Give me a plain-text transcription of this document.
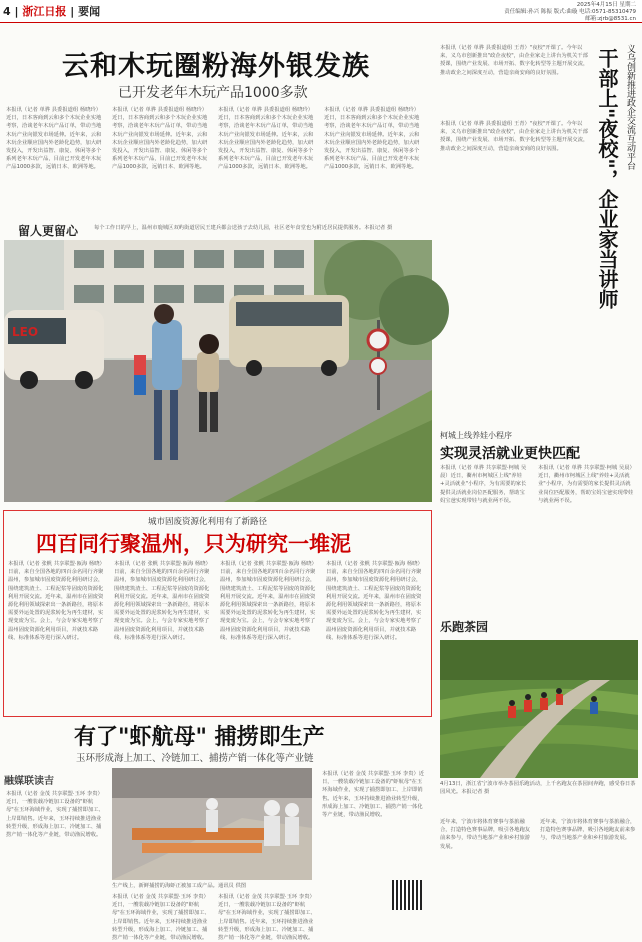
4 | 浙江日报 | 要闻	2025年4月15日 星期二
责任编辑:孙兴 陈振 版式:曲璇 电话:0571-85310479
邮箱:zjrb@8531.cn
云和木玩圈粉海外银发族
已开发老年木玩产品1000多款
本报讯（记者 单骅 县委报道组 杨晓玲）近日，日本客商到云和多个木玩企业实地考察，洽谈老年木玩产品订单，带动当地木玩产业向银发市场延伸。近年来，云和木玩企业顺应国内外老龄化趋势，加大研发投入，开发出益智、康复、休闲等多个系列老年木玩产品，目前已开发老年木玩产品1000多款，远销日本、欧洲等地。
本报讯（记者 单骅 县委报道组 杨晓玲）近日，日本客商到云和多个木玩企业实地考察，洽谈老年木玩产品订单，带动当地木玩产业向银发市场延伸。近年来，云和木玩企业顺应国内外老龄化趋势，加大研发投入，开发出益智、康复、休闲等多个系列老年木玩产品，目前已开发老年木玩产品1000多款，远销日本、欧洲等地。
本报讯（记者 单骅 县委报道组 杨晓玲）近日，日本客商到云和多个木玩企业实地考察，洽谈老年木玩产品订单，带动当地木玩产业向银发市场延伸。近年来，云和木玩企业顺应国内外老龄化趋势，加大研发投入，开发出益智、康复、休闲等多个系列老年木玩产品，目前已开发老年木玩产品1000多款，远销日本、欧洲等地。
本报讯（记者 单骅 县委报道组 杨晓玲）近日，日本客商到云和多个木玩企业实地考察，洽谈老年木玩产品订单，带动当地木玩产业向银发市场延伸。近年来，云和木玩企业顺应国内外老龄化趋势，加大研发投入，开发出益智、康复、休闲等多个系列老年木玩产品，目前已开发老年木玩产品1000多款，远销日本、欧洲等地。
每个工作日的早上，温州市鹿城区双屿街道居民王建兵都会送孩子去幼儿园，社区老年食堂也为附近居民提供服务。本报记者 摄
留人更留心
LEO
城市固废资源化利用有了新路径
四百同行聚温州，只为研究一堆泥
本报讯（记者 张帆 共享联盟·瓯海 杨晓）日前，来自全国各地的四百余名同行齐聚温州，参加城市固废资源化利用研讨会，围绕建筑渣土、工程泥浆等固废的资源化利用开展交流。近年来，温州市在固废资源化利用领域探索出一条新路径，将原本需要外运处置的泥浆转化为再生建材，实现变废为宝。会上，与会专家实地考察了温州固废资源化利用项目，并就技术路线、标准体系等进行深入研讨。
本报讯（记者 张帆 共享联盟·瓯海 杨晓）日前，来自全国各地的四百余名同行齐聚温州，参加城市固废资源化利用研讨会，围绕建筑渣土、工程泥浆等固废的资源化利用开展交流。近年来，温州市在固废资源化利用领域探索出一条新路径，将原本需要外运处置的泥浆转化为再生建材，实现变废为宝。会上，与会专家实地考察了温州固废资源化利用项目，并就技术路线、标准体系等进行深入研讨。
本报讯（记者 张帆 共享联盟·瓯海 杨晓）日前，来自全国各地的四百余名同行齐聚温州，参加城市固废资源化利用研讨会，围绕建筑渣土、工程泥浆等固废的资源化利用开展交流。近年来，温州市在固废资源化利用领域探索出一条新路径，将原本需要外运处置的泥浆转化为再生建材，实现变废为宝。会上，与会专家实地考察了温州固废资源化利用项目，并就技术路线、标准体系等进行深入研讨。
本报讯（记者 张帆 共享联盟·瓯海 杨晓）日前，来自全国各地的四百余名同行齐聚温州，参加城市固废资源化利用研讨会，围绕建筑渣土、工程泥浆等固废的资源化利用开展交流。近年来，温州市在固废资源化利用领域探索出一条新路径，将原本需要外运处置的泥浆转化为再生建材，实现变废为宝。会上，与会专家实地考察了温州固废资源化利用项目，并就技术路线、标准体系等进行深入研讨。
有了"虾航母" 捕捞即生产
玉环形成海上加工、冷链加工、捕捞产销一体化等产业链
融媒联读吉
本报讯（记者 金茂 共享联盟·玉环 李贵）近日，一艘装载冷链加工设备的"虾航母"在玉环海域作业，实现了捕捞即加工、上岸即销售。近年来，玉环持续推进渔业转型升级，形成海上加工、冷链加工、捕捞产销一体化等产业链，带动渔民增收。
生产线上，新鲜捕捞的海虾正被加工成产品。通讯员 供图
本报讯（记者 金茂 共享联盟·玉环 李贵）近日，一艘装载冷链加工设备的"虾航母"在玉环海域作业，实现了捕捞即加工、上岸即销售。近年来，玉环持续推进渔业转型升级，形成海上加工、冷链加工、捕捞产销一体化等产业链，带动渔民增收。
本报讯（记者 金茂 共享联盟·玉环 李贵）近日，一艘装载冷链加工设备的"虾航母"在玉环海域作业，实现了捕捞即加工、上岸即销售。近年来，玉环持续推进渔业转型升级，形成海上加工、冷链加工、捕捞产销一体化等产业链，带动渔民增收。
本报讯（记者 金茂 共享联盟·玉环 李贵）近日，一艘装载冷链加工设备的"虾航母"在玉环海域作业，实现了捕捞即加工、上岸即销售。近年来，玉环持续推进渔业转型升级，形成海上加工、冷链加工、捕捞产销一体化等产业链，带动渔民增收。
干部上"夜校"，企业家当讲师 义乌创新推进政企交流互动平台
本报讯（记者 单骅 县委报道组 王青）"夜校"开课了。今年以来，义乌市创新推出"政企夜校"，由企业家走上讲台为机关干部授课，围绕产业发展、市场开拓、数字化转型等主题开展交流，推动政企之间深度互动，营造亲商安商的良好氛围。
本报讯（记者 单骅 县委报道组 王青）"夜校"开课了。今年以来，义乌市创新推出"政企夜校"，由企业家走上讲台为机关干部授课，围绕产业发展、市场开拓、数字化转型等主题开展交流，推动政企之间深度互动，营造亲商安商的良好氛围。
柯城上线养娃小程序
实现灵活就业更快匹配
本报讯（记者 单骅 共享联盟·柯城 吴晨）近日，衢州市柯城区上线"养娃+灵活就业"小程序，为有需要的家长提供灵活就业岗位匹配服务，帮助宝妈宝爸实现带娃与就业两不误。
本报讯（记者 单骅 共享联盟·柯城 吴晨）近日，衢州市柯城区上线"养娃+灵活就业"小程序，为有需要的家长提供灵活就业岗位匹配服务，帮助宝妈宝爸实现带娃与就业两不误。
乐跑茶园
4月13日，浙江省宁波市举办茶园乐跑活动，上千名跑友在茶园间奔跑，感受春日茶园风光。本报记者 摄
近年来，宁波市将体育赛事与茶旅融合，打造特色赛事品牌，吸引各地跑友前来参与，带动当地茶产业和乡村旅游发展。
近年来，宁波市将体育赛事与茶旅融合，打造特色赛事品牌，吸引各地跑友前来参与，带动当地茶产业和乡村旅游发展。
